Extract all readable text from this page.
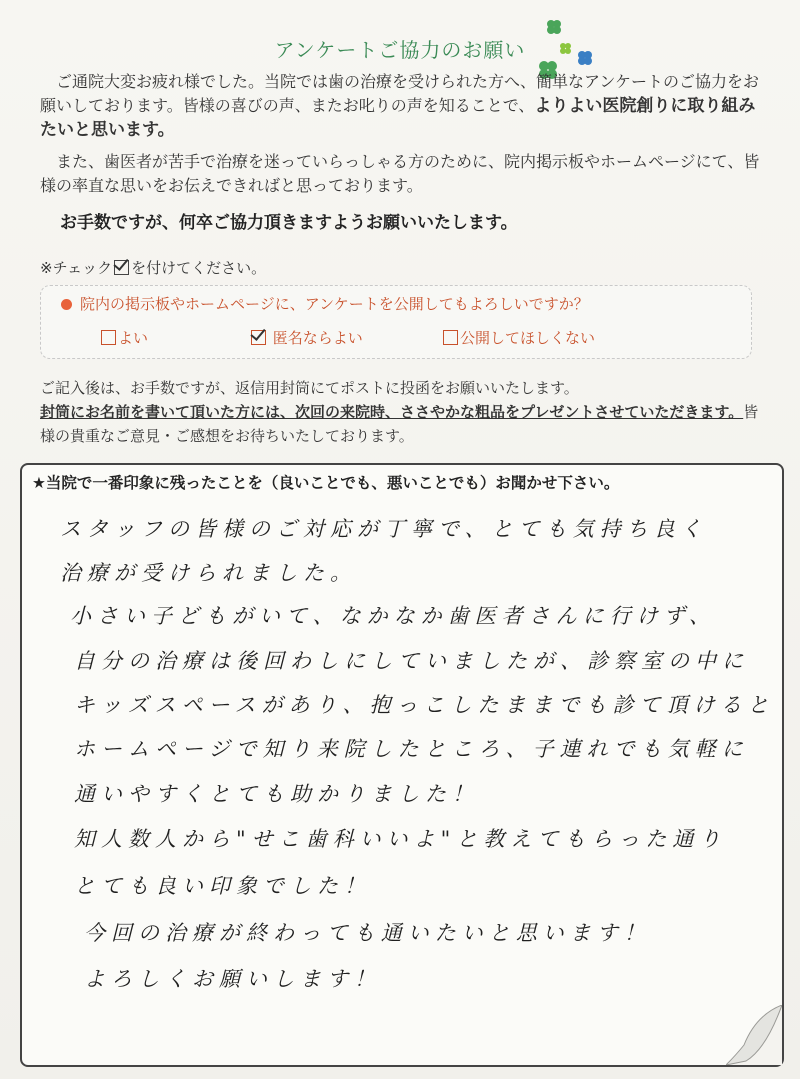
アンケートご協力のお願い
ご通院大変お疲れ様でした。当院では歯の治療を受けられた方へ、簡単なアンケートのご協力をお願いしております。皆様の喜びの声、またお叱りの声を知ることで、よりよい医院創りに取り組みたいと思います。
また、歯医者が苦手で治療を迷っていらっしゃる方のために、院内掲示板やホームページにて、皆様の率直な思いをお伝えできればと思っております。
お手数ですが、何卒ご協力頂きますようお願いいたします。
※チェック を付けてください。
院内の掲示板やホームページに、アンケートを公開してもよろしいですか？
よい	匿名ならよい	公開してほしくない
ご記入後は、お手数ですが、返信用封筒にてポストに投函をお願いいたします。
封筒にお名前を書いて頂いた方には、次回の来院時、ささやかな粗品をプレゼントさせていただきます。皆様の貴重なご意見・ご感想をお待ちいたしております。
★当院で一番印象に残ったことを（良いことでも、悪いことでも）お聞かせ下さい。
スタッフの皆様のご対応が丁寧で、とても気持ち良く
治療が受けられました。
小さい子どもがいて、なかなか歯医者さんに行けず、
自分の治療は後回わしにしていましたが、診察室の中に
キッズスペースがあり、抱っこしたままでも診て頂けると
ホームページで知り来院したところ、子連れでも気軽に
通いやすくとても助かりました！
知人数人から"せこ歯科いいよ"と教えてもらった通り
とても良い印象でした！
今回の治療が終わっても通いたいと思います！
よろしくお願いします！
